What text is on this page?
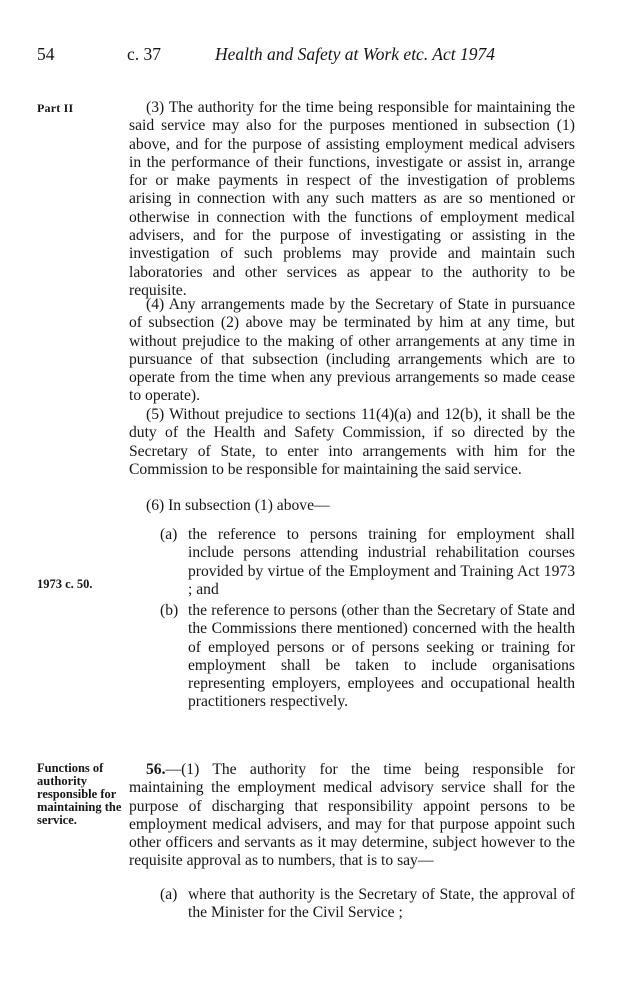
54	c. 37	Health and Safety at Work etc. Act 1974
Part II
1973 c. 50.
Functions of authority responsible for maintaining the service.

(3) The authority for the time being responsible for maintaining the said service may also for the purposes mentioned in subsection (1) above, and for the purpose of assisting employment medical advisers in the performance of their functions, investigate or assist in, arrange for or make payments in respect of the investigation of problems arising in connection with any such matters as are so mentioned or otherwise in connection with the functions of employment medical advisers, and for the purpose of investigating or assisting in the investigation of such problems may provide and maintain such laboratories and other services as appear to the authority to be requisite.

(4) Any arrangements made by the Secretary of State in pursuance of subsection (2) above may be terminated by him at any time, but without prejudice to the making of other arrangements at any time in pursuance of that subsection (including arrangements which are to operate from the time when any previous arrangements so made cease to operate).

(5) Without prejudice to sections 11(4)(a) and 12(b), it shall be the duty of the Health and Safety Commission, if so directed by the Secretary of State, to enter into arrangements with him for the Commission to be responsible for maintaining the said service.

(6) In subsection (1) above—

(a) the reference to persons training for employment shall include persons attending industrial rehabilitation courses provided by virtue of the Employment and Training Act 1973 ; and

(b) the reference to persons (other than the Secretary of State and the Commissions there mentioned) concerned with the health of employed persons or of persons seeking or training for employment shall be taken to include organisations representing employers, employees and occupational health practitioners respectively.

56.—(1) The authority for the time being responsible for maintaining the employment medical advisory service shall for the purpose of discharging that responsibility appoint persons to be employment medical advisers, and may for that purpose appoint such other officers and servants as it may determine, subject however to the requisite approval as to numbers, that is to say—

(a) where that authority is the Secretary of State, the approval of the Minister for the Civil Service ;
